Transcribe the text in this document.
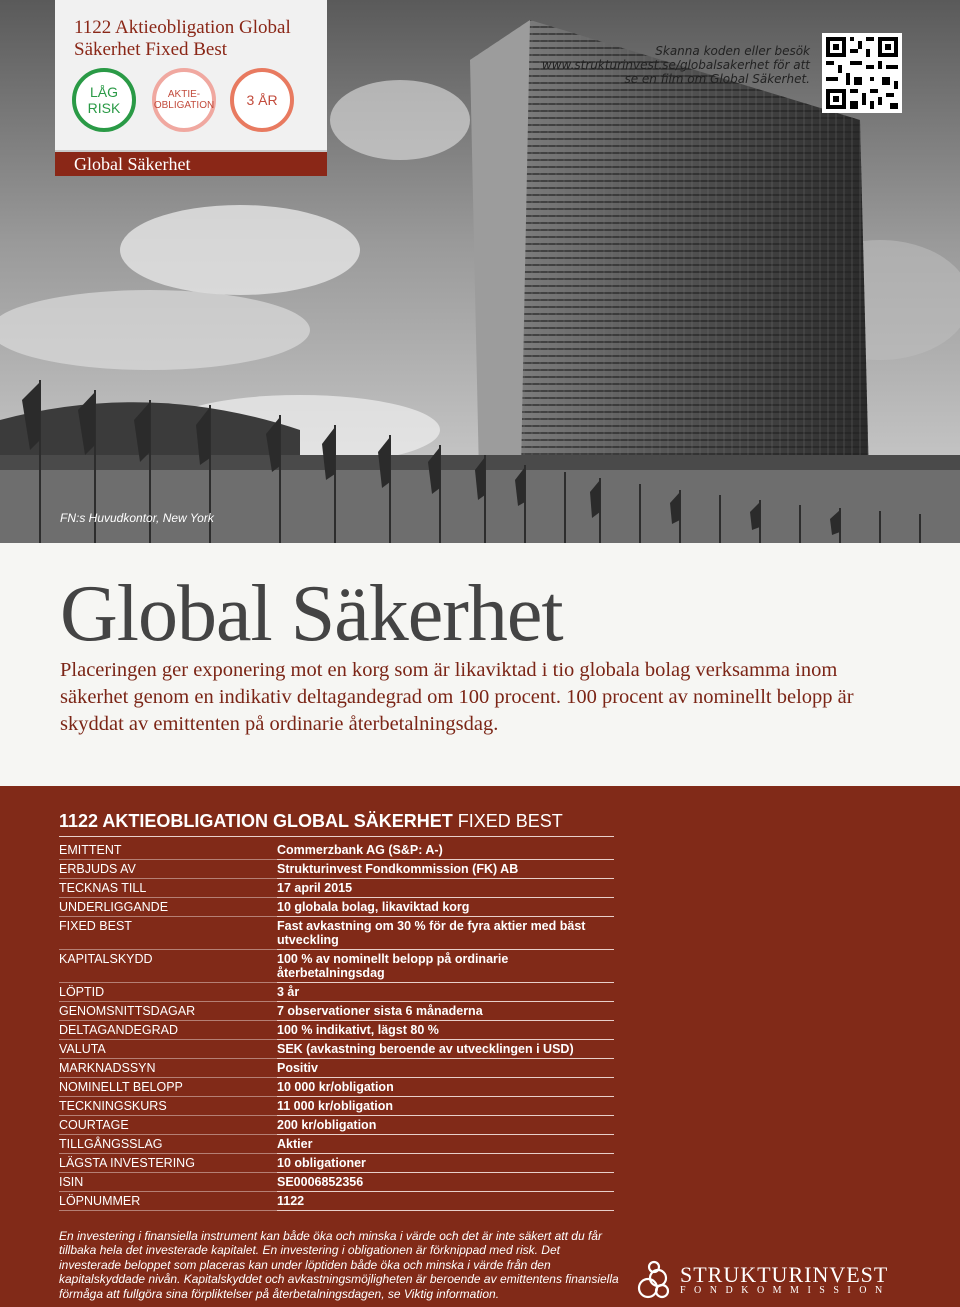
FN:s Huvudkontor, New York
1122 Aktieobligation Global Säkerhet Fixed Best
LÅG RISK
AKTIE-OBLIGATION 3 ÅR
Global Säkerhet
Skanna koden eller besök www.strukturinvest.se/globalsakerhet för att se en film om Global Säkerhet.
Global Säkerhet
Placeringen ger exponering mot en korg som är likaviktad i tio globala bolag verksamma inom säkerhet genom en indikativ deltagandegrad om 100 procent. 100 procent av nominellt belopp är skyddat av emittenten på ordinarie återbetalningsdag.
1122 AKTIEOBLIGATION GLOBAL SÄKERHET FIXED BEST
EMITTENT	Commerzbank AG (S&P: A-)
ERBJUDS AV	Strukturinvest Fondkommission (FK) AB
TECKNAS TILL	17 april 2015
UNDERLIGGANDE	10 globala bolag, likaviktad korg
FIXED BEST	Fast avkastning om 30 % för de fyra aktier med bäst utveckling
KAPITALSKYDD	100 % av nominellt belopp på ordinarie återbetalningsdag
LÖPTID	3 år
GENOMSNITTSDAGAR	7 observationer sista 6 månaderna
DELTAGANDEGRAD	100 % indikativt, lägst 80 %
VALUTA	SEK (avkastning beroende av utvecklingen i USD)
MARKNADSSYN	Positiv
NOMINELLT BELOPP	10 000 kr/obligation
TECKNINGSKURS	11 000 kr/obligation
COURTAGE	200 kr/obligation
TILLGÅNGSSLAG	Aktier
LÄGSTA INVESTERING	10 obligationer
ISIN	SE0006852356
LÖPNUMMER	1122
En investering i finansiella instrument kan både öka och minska i värde och det är inte säkert att du får tillbaka hela det investerade kapitalet. En investering i obligationen är förknippad med risk. Det investerade beloppet som placeras kan under löptiden både öka och minska i värde från den kapitalskyddade nivån. Kapitalskyddet och avkastningsmöjligheten är beroende av emittentens finansiella förmåga att fullgöra sina förpliktelser på återbetalningsdagen, se Viktig information.
STRUKTURINVEST
FONDKOMMISSION
